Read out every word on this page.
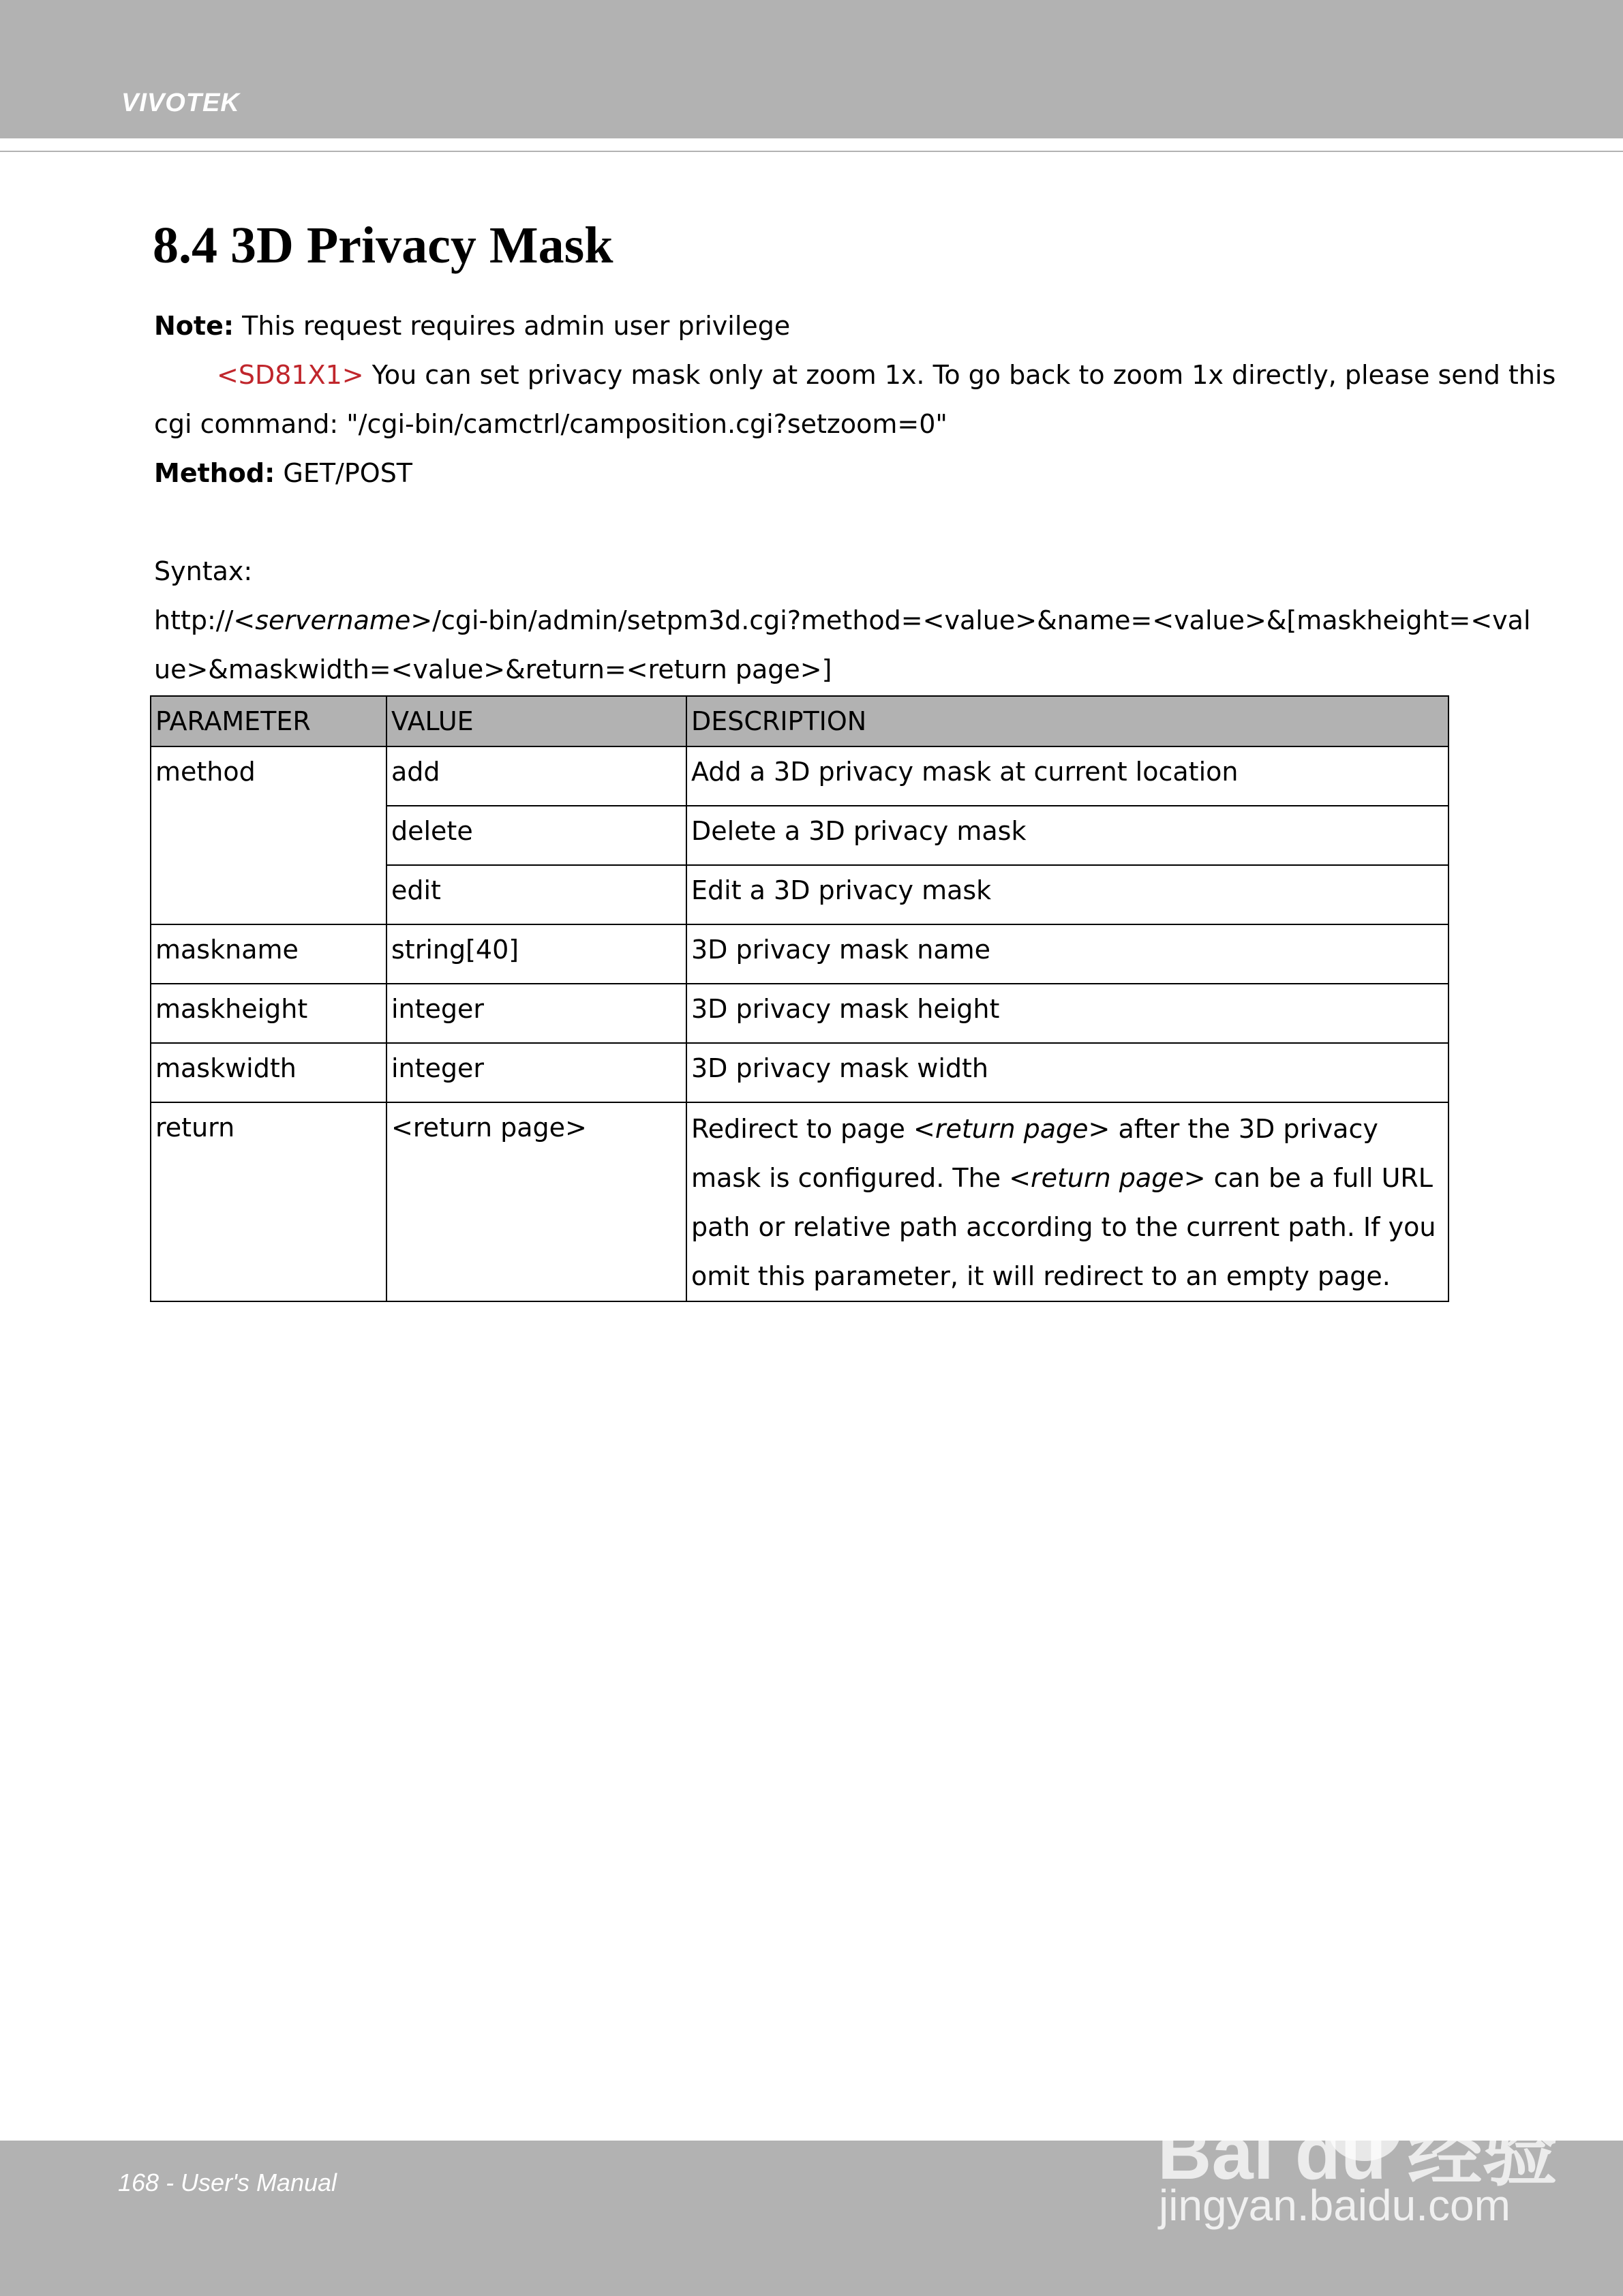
VIVOTEK
8.4 3D Privacy Mask
Note: This request requires admin user privilege
<SD81X1> You can set privacy mask only at zoom 1x. To go back to zoom 1x directly, please send this
cgi command: "/cgi-bin/camctrl/camposition.cgi?setzoom=0"
Method: GET/POST
Syntax:
http://<servername>/cgi-bin/admin/setpm3d.cgi?method=<value>&name=<value>&[maskheight=<val
ue>&maskwidth=<value>&return=<return page>]
PARAMETER	VALUE	DESCRIPTION
method	add	Add a 3D privacy mask at current location
	delete	Delete a 3D privacy mask
	edit	Edit a 3D privacy mask
maskname	string[40]	3D privacy mask name
maskheight	integer	3D privacy mask height
maskwidth	integer	3D privacy mask width
return	<return page>	Redirect to page <return page> after the 3D privacy mask is configured. The <return page> can be a full URL path or relative path according to the current path. If you omit this parameter, it will redirect to an empty page.
168 - User's Manual	Bai du 经验
jingyan.baidu.com
